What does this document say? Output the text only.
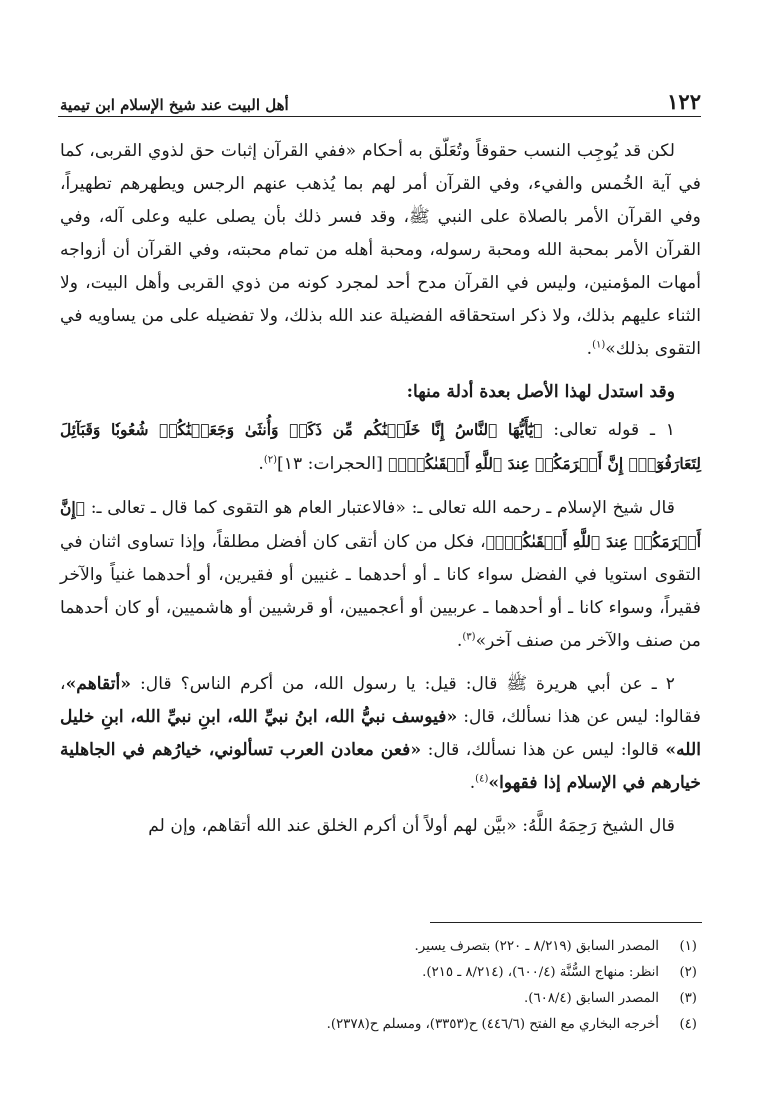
١٢٢
أهل البيت عند شيخ الإسلام ابن تيمية

لكن قد يُوجِب النسب حقوقاً وتُعَلّق به أحكام «ففي القرآن إثبات حق لذوي القربى، كما في آية الخُمس والفيء، وفي القرآن أمر لهم بما يُذهب عنهم الرجس ويطهرهم تطهيراً، وفي القرآن الأمر بالصلاة على النبي ﷺ، وقد فسر ذلك بأن يصلى عليه وعلى آله، وفي القرآن الأمر بمحبة الله ومحبة رسوله، ومحبة أهله من تمام محبته، وفي القرآن أن أزواجه أمهات المؤمنين، وليس في القرآن مدح أحد لمجرد كونه من ذوي القربى وأهل البيت، ولا الثناء عليهم بذلك، ولا ذكر استحقاقه الفضيلة عند الله بذلك، ولا تفضيله على من يساويه في التقوى بذلك»$^{(١)}$.

وقد استدل لهذا الأصل بعدة أدلة منها:

١ ـ قوله تعالى: ﴿يَٰٓأَيُّهَا ٱلنَّاسُ إِنَّا خَلَقۡنَٰكُم مِّن ذَكَرٖ وَأُنثَىٰ وَجَعَلۡنَٰكُمۡ شُعُوبٗا وَقَبَآئِلَ لِتَعَارَفُوٓاْۚ إِنَّ أَكۡرَمَكُمۡ عِندَ ٱللَّهِ أَتۡقَىٰكُمۡۚ﴾ [الحجرات: ١٣]$^{(٢)}$.

قال شيخ الإسلام ـ رحمه الله تعالى ـ: «فالاعتبار العام هو التقوى كما قال ـ تعالى ـ: ﴿إِنَّ أَكۡرَمَكُمۡ عِندَ ٱللَّهِ أَتۡقَىٰكُمۡۚ﴾، فكل من كان أتقى كان أفضل مطلقاً، وإذا تساوى اثنان في التقوى استويا في الفضل سواء كانا ـ أو أحدهما ـ غنيين أو فقيرين، أو أحدهما غنياً والآخر فقيراً، وسواء كانا ـ أو أحدهما ـ عربيين أو أعجميين، أو قرشيين أو هاشميين، أو كان أحدهما من صنف والآخر من صنف آخر»$^{(٣)}$.

٢ ـ عن أبي هريرة ﷺ قال: قيل: يا رسول الله، من أكرم الناس؟ قال: «أتقاهم»، فقالوا: ليس عن هذا نسألك، قال: «فيوسف نبيُّ الله، ابنُ نبيِّ الله، ابنِ نبيِّ الله، ابنِ خليل الله» قالوا: ليس عن هذا نسألك، قال: «فعن معادن العرب تسألوني، خيارُهم في الجاهلية خيارهم في الإسلام إذا فقهوا»$^{(٤)}$.

قال الشيخ رَحِمَهُ اللَّهُ: «بيَّن لهم أولاً أن أكرم الخلق عند الله أتقاهم، وإن لم

(١)
المصدر السابق (٨/٢١٩ ـ ٢٢٠) بتصرف يسير.
(٢)
انظر: منهاج السُّنَّة (٦٠٠/٤)، (٨/٢١٤ ـ ٢١٥).
(٣)
المصدر السابق (٦٠٨/٤).
(٤)
أخرجه البخاري مع الفتح (٤٤٦/٦) ح(٣٣٥٣)، ومسلم ح(٢٣٧٨).
